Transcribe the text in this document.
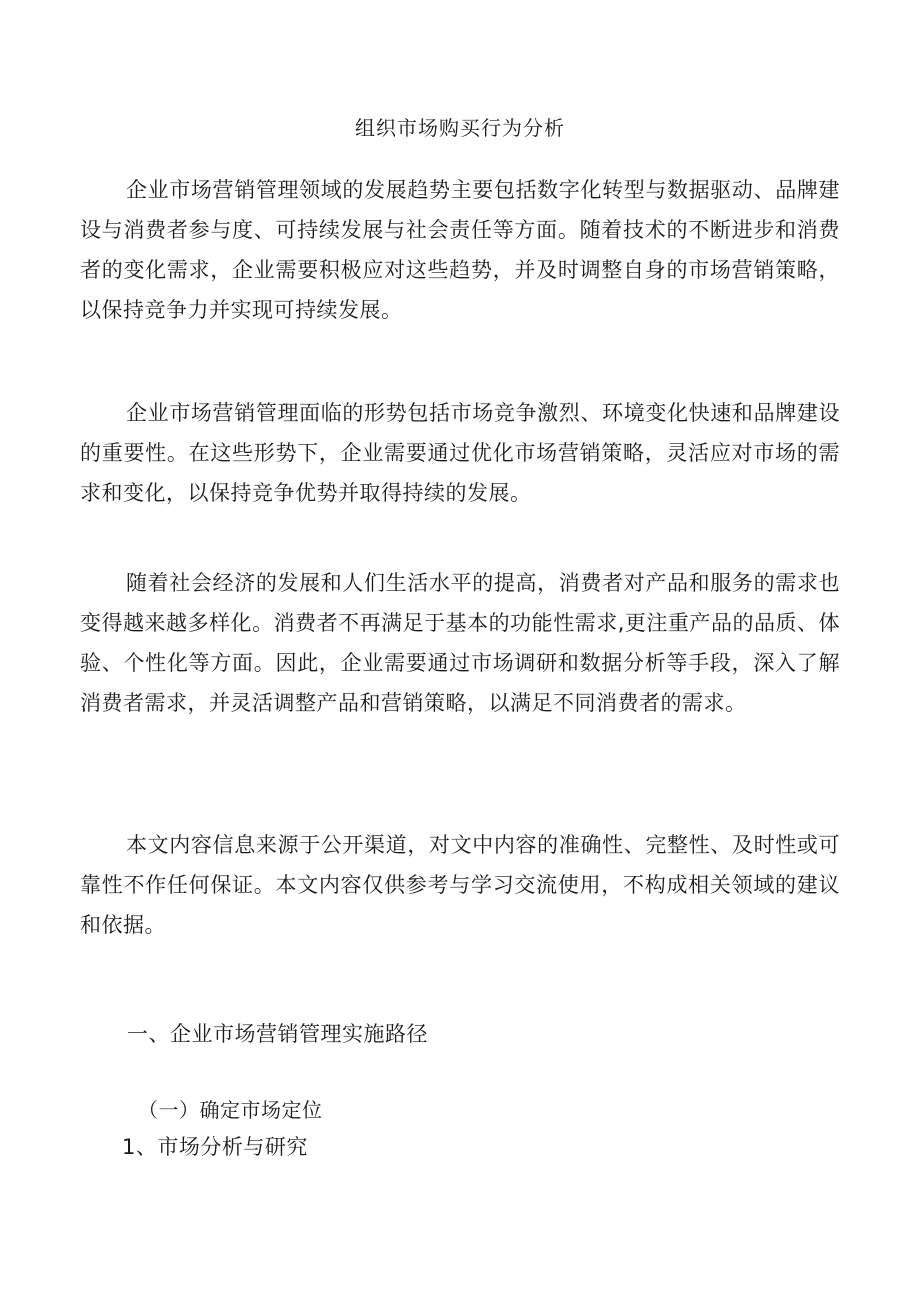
组织市场购买行为分析

企业市场营销管理领域的发展趋势主要包括数字化转型与数据驱动、品牌建设与消费者参与度、可持续发展与社会责任等方面。随着技术的不断进步和消费者的变化需求，企业需要积极应对这些趋势，并及时调整自身的市场营销策略，以保持竞争力并实现可持续发展。

企业市场营销管理面临的形势包括市场竞争激烈、环境变化快速和品牌建设的重要性。在这些形势下，企业需要通过优化市场营销策略，灵活应对市场的需求和变化，以保持竞争优势并取得持续的发展。

随着社会经济的发展和人们生活水平的提高，消费者对产品和服务的需求也变得越来越多样化。消费者不再满足于基本的功能性需求,更注重产品的品质、体验、个性化等方面。因此，企业需要通过市场调研和数据分析等手段，深入了解消费者需求，并灵活调整产品和营销策略，以满足不同消费者的需求。

本文内容信息来源于公开渠道，对文中内容的准确性、完整性、及时性或可靠性不作任何保证。本文内容仅供参考与学习交流使用，不构成相关领域的建议和依据。

一、企业市场营销管理实施路径
（一）确定市场定位
1、市场分析与研究
